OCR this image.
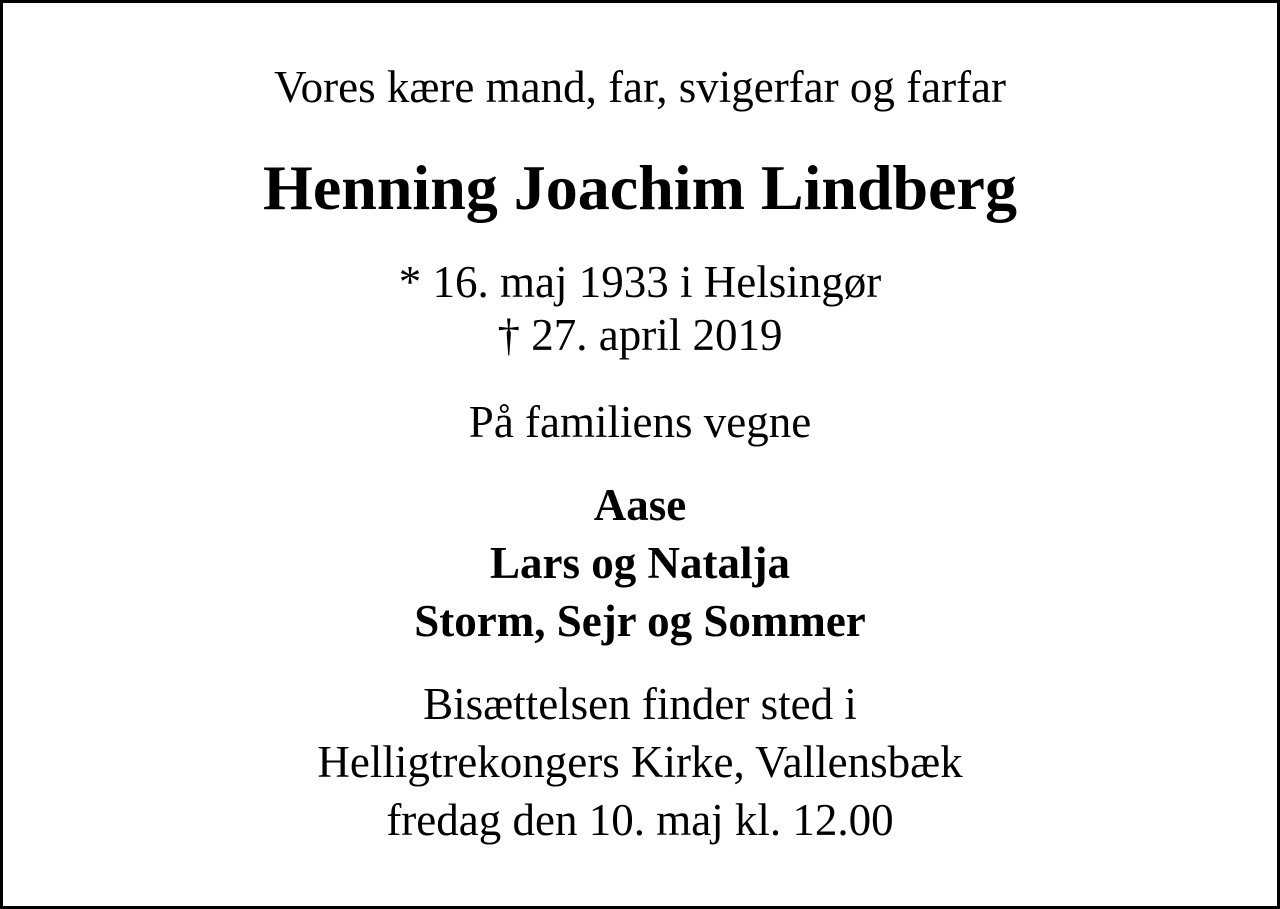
Vores kære mand, far, svigerfar og farfar
Henning Joachim Lindberg
* 16. maj 1933 i Helsingør
† 27. april 2019
På familiens vegne
Aase
Lars og Natalja
Storm, Sejr og Sommer
Bisættelsen finder sted i
Helligtrekongers Kirke, Vallensbæk
fredag den 10. maj kl. 12.00
